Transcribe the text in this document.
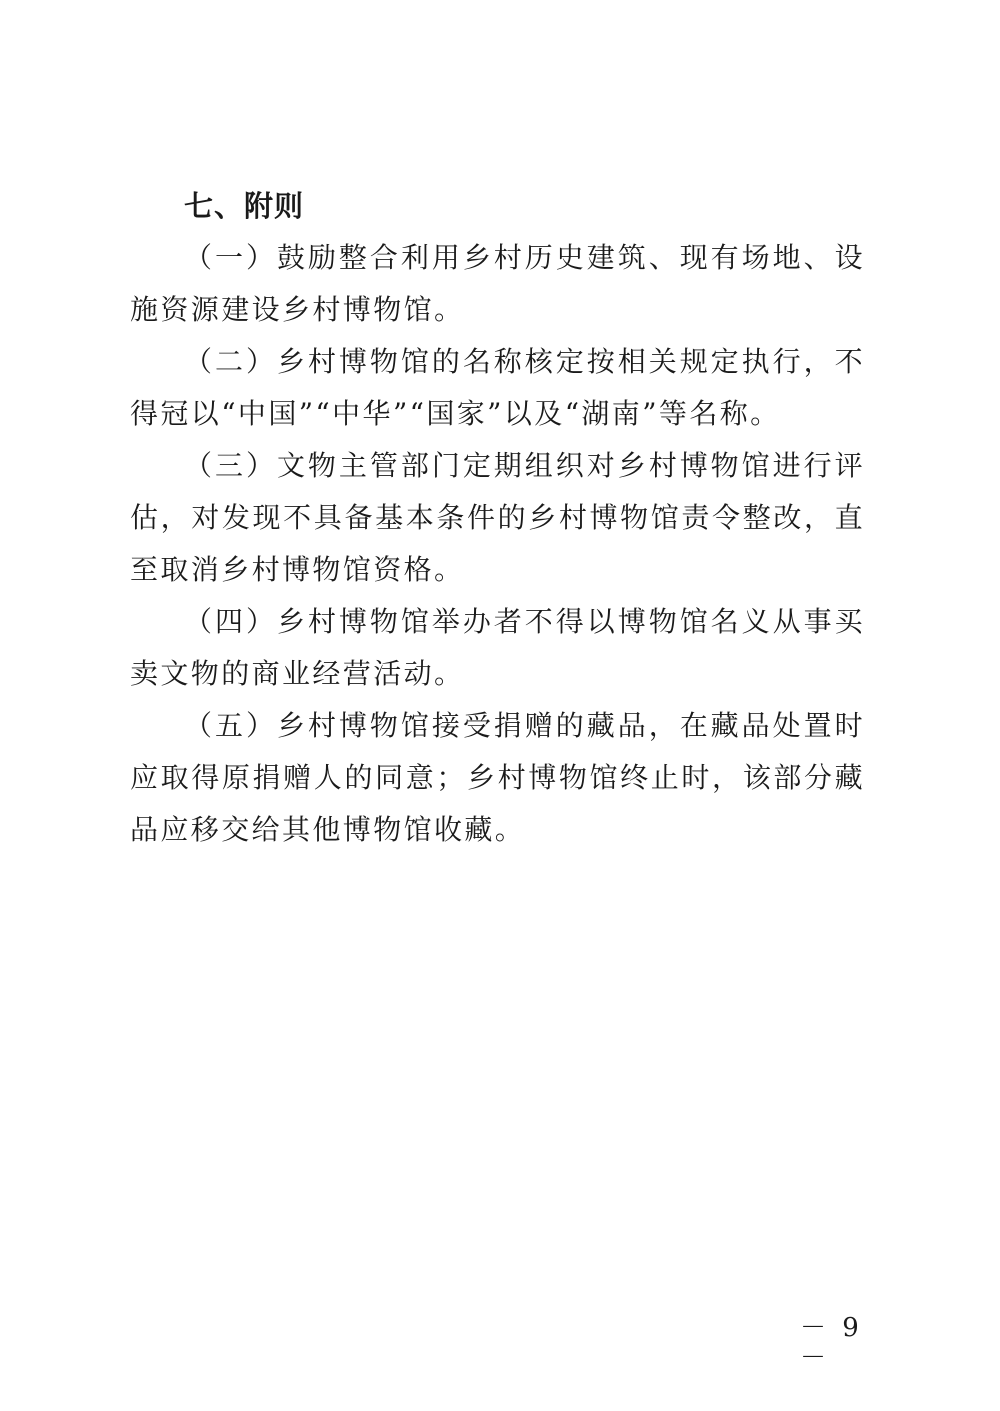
七、附则

（一）鼓励整合利用乡村历史建筑、现有场地、设施资源建设乡村博物馆。

（二）乡村博物馆的名称核定按相关规定执行，不得冠以“中国”“中华”“国家”以及“湖南”等名称。

（三）文物主管部门定期组织对乡村博物馆进行评估，对发现不具备基本条件的乡村博物馆责令整改，直至取消乡村博物馆资格。

（四）乡村博物馆举办者不得以博物馆名义从事买卖文物的商业经营活动。

（五）乡村博物馆接受捐赠的藏品，在藏品处置时应取得原捐赠人的同意；乡村博物馆终止时，该部分藏品应移交给其他博物馆收藏。

－ 9 －
